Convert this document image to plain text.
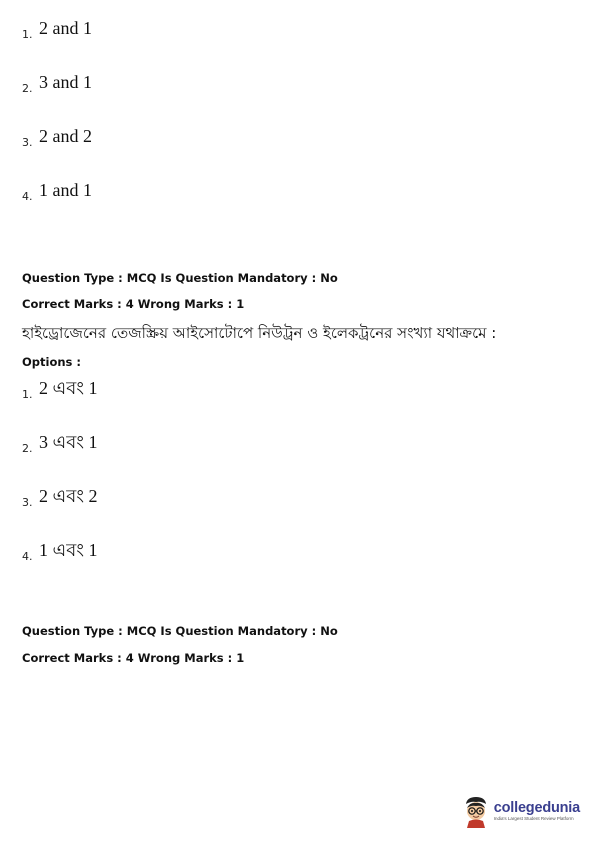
1. 2 and 1
2. 3 and 1
3. 2 and 2
4. 1 and 1
Question Type : MCQ Is Question Mandatory : No
Correct Marks : 4 Wrong Marks : 1
হাইড্রোজেনের তেজস্ক্রিয় আইসোটোপে নিউট্রন ও ইলেকট্রনের সংখ্যা যথাক্রমে :
Options :
1. 2 এবং 1
2. 3 এবং 1
3. 2 এবং 2
4. 1 এবং 1
Question Type : MCQ Is Question Mandatory : No
Correct Marks : 4 Wrong Marks : 1
collegedunia
India's Largest Student Review Platform
